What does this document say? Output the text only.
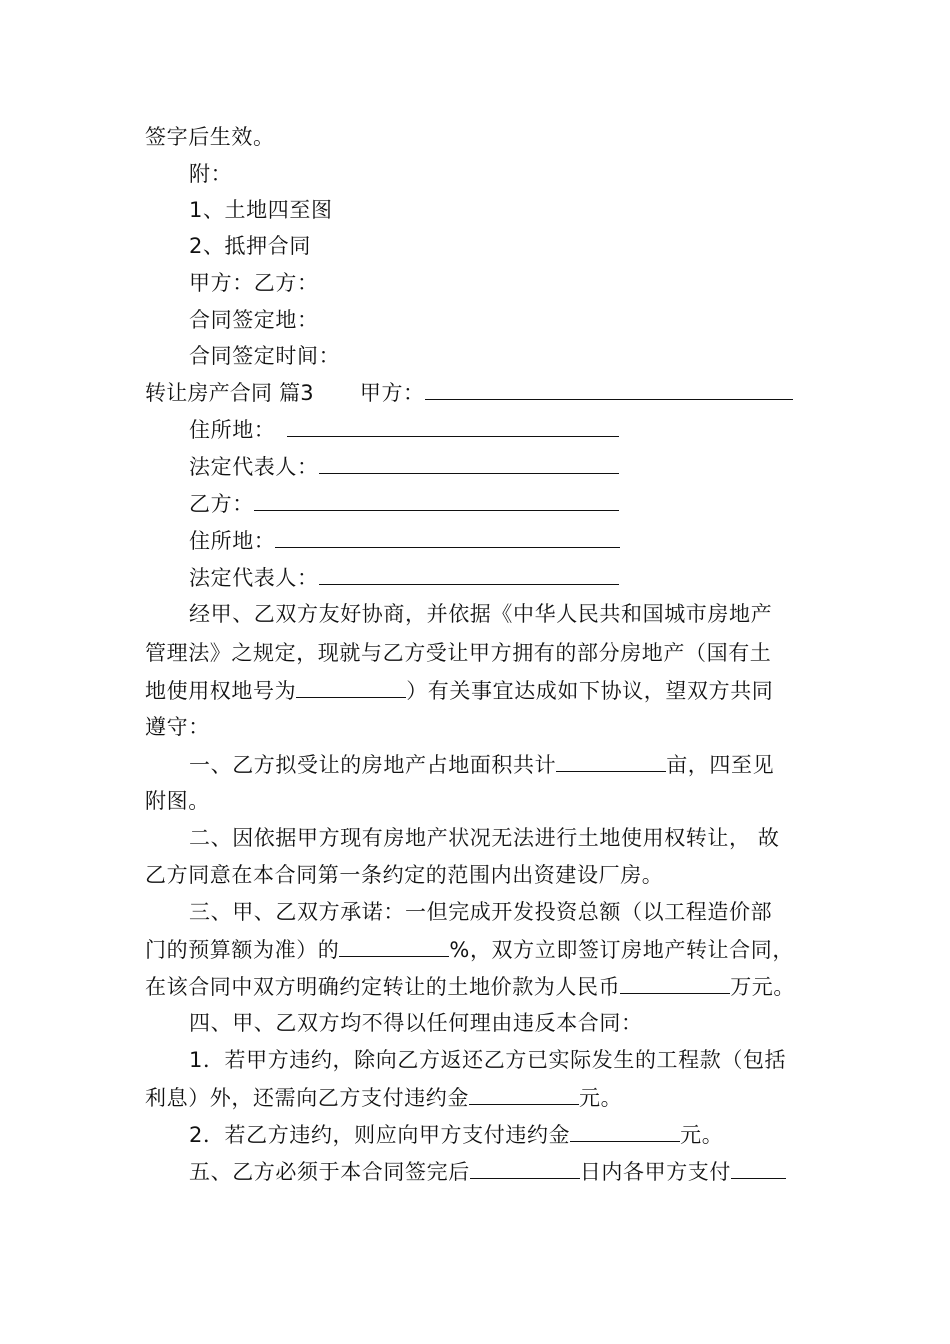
签字后生效。
附：
1、土地四至图
2、抵押合同
甲方：乙方：
合同签定地：
合同签定时间：
转让房产合同 篇3 甲方：
住所地：
法定代表人：
乙方：
住所地：
法定代表人：
经甲、乙双方友好协商，并依据《中华人民共和国城市房地产
管理法》之规定，现就与乙方受让甲方拥有的部分房地产（国有土
地使用权地号为	）有关事宜达成如下协议，望双方共同
遵守：
一、乙方拟受让的房地产占地面积共计	亩，四至见
附图。
二、因依据甲方现有房地产状况无法进行土地使用权转让， 故
乙方同意在本合同第一条约定的范围内出资建设厂房。
三、甲、乙双方承诺：一但完成开发投资总额（以工程造价部
门的预算额为准）的	%，双方立即签订房地产转让合同，
在该合同中双方明确约定转让的土地价款为人民币	万元。
四、甲、乙双方均不得以任何理由违反本合同：
1．若甲方违约，除向乙方返还乙方已实际发生的工程款（包括
利息）外，还需向乙方支付违约金	元。
2．若乙方违约，则应向甲方支付违约金	元。
五、乙方必须于本合同签完后	日内各甲方支付
